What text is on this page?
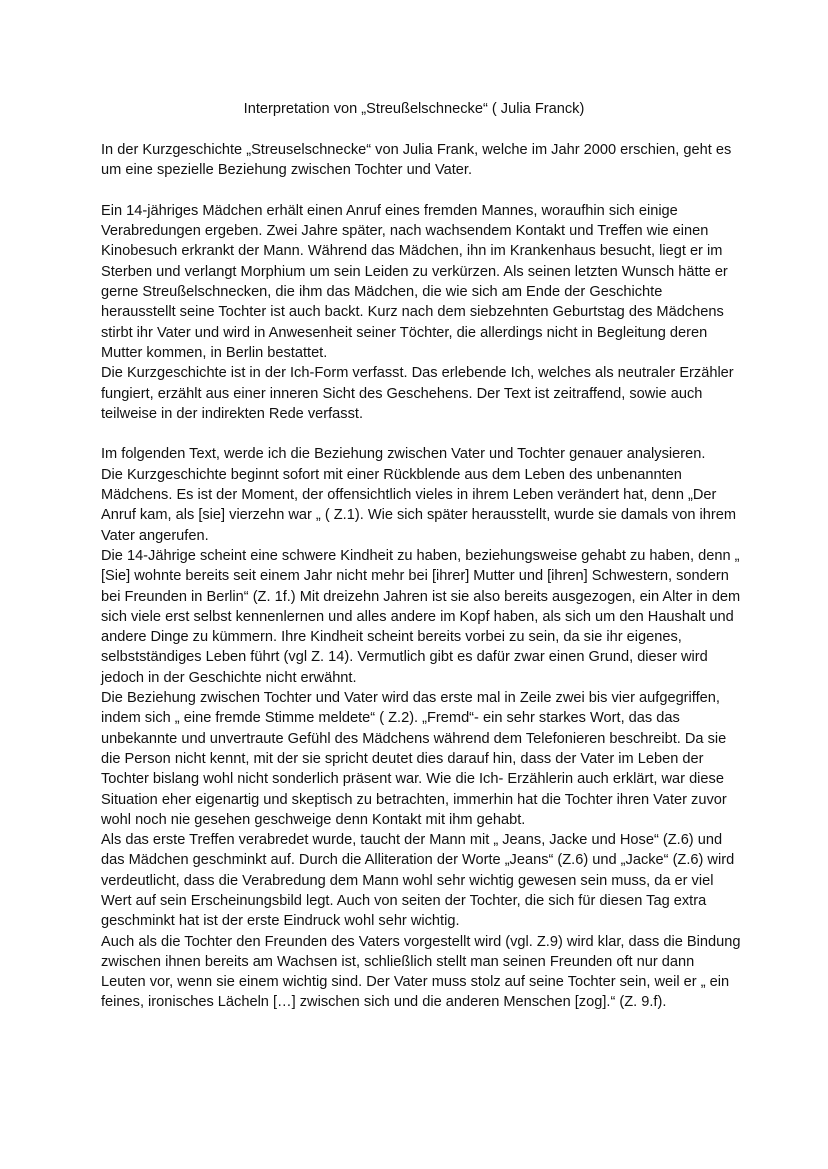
Interpretation von „Streußelschnecke“ ( Julia Franck)

In der Kurzgeschichte „Streuselschnecke“ von Julia Frank, welche im Jahr 2000 erschien, geht es um eine spezielle Beziehung zwischen Tochter und Vater.

Ein 14-jähriges Mädchen erhält einen Anruf eines fremden Mannes, woraufhin sich einige Verabredungen ergeben. Zwei Jahre später, nach wachsendem Kontakt und Treffen wie einen Kinobesuch erkrankt der Mann. Während das Mädchen, ihn im Krankenhaus besucht, liegt er im Sterben und verlangt Morphium um sein Leiden zu verkürzen. Als seinen letzten Wunsch hätte er gerne Streußelschnecken, die ihm das Mädchen, die wie sich am Ende der Geschichte herausstellt seine Tochter ist auch backt. Kurz nach dem siebzehnten Geburtstag des Mädchens stirbt ihr Vater und wird in Anwesenheit seiner Töchter, die allerdings nicht in Begleitung deren Mutter kommen, in Berlin bestattet.

Die Kurzgeschichte ist in der Ich-Form verfasst. Das erlebende Ich, welches als neutraler Erzähler fungiert, erzählt aus einer inneren Sicht des Geschehens. Der Text ist zeitraffend, sowie auch teilweise in der indirekten Rede verfasst.

Im folgenden Text, werde ich die Beziehung zwischen Vater und Tochter genauer analysieren.

Die Kurzgeschichte beginnt sofort mit einer Rückblende aus dem Leben des unbenannten Mädchens. Es ist der Moment, der offensichtlich vieles in ihrem Leben verändert hat, denn „Der Anruf kam, als [sie] vierzehn war „ ( Z.1). Wie sich später herausstellt, wurde sie damals von ihrem Vater angerufen.

Die 14-Jährige scheint eine schwere Kindheit zu haben, beziehungsweise gehabt zu haben, denn „ [Sie] wohnte bereits seit einem Jahr nicht mehr bei [ihrer] Mutter und [ihren] Schwestern, sondern bei Freunden in Berlin“ (Z. 1f.) Mit dreizehn Jahren ist sie also bereits ausgezogen, ein Alter in dem sich viele erst selbst kennenlernen und alles andere im Kopf haben, als sich um den Haushalt und andere Dinge zu kümmern. Ihre Kindheit scheint bereits vorbei zu sein, da sie ihr eigenes, selbstständiges Leben führt (vgl Z. 14). Vermutlich gibt es dafür zwar einen Grund, dieser wird jedoch in der Geschichte nicht erwähnt.

Die Beziehung zwischen Tochter und Vater wird das erste mal in Zeile zwei bis vier aufgegriffen, indem sich „ eine fremde Stimme meldete“ ( Z.2). „Fremd“- ein sehr starkes Wort, das das unbekannte und unvertraute Gefühl des Mädchens während dem Telefonieren beschreibt. Da sie die Person nicht kennt, mit der sie spricht deutet dies darauf hin, dass der Vater im Leben der Tochter bislang wohl nicht sonderlich präsent war. Wie die Ich- Erzählerin auch erklärt, war diese Situation eher eigenartig und skeptisch zu betrachten, immerhin hat die Tochter ihren Vater zuvor wohl noch nie gesehen geschweige denn Kontakt mit ihm gehabt.

Als das erste Treffen verabredet wurde, taucht der Mann mit „ Jeans, Jacke und Hose“ (Z.6) und das Mädchen geschminkt auf. Durch die Alliteration der Worte „Jeans“ (Z.6) und „Jacke“ (Z.6) wird verdeutlicht, dass die Verabredung dem Mann wohl sehr wichtig gewesen sein muss, da er viel Wert auf sein Erscheinungsbild legt. Auch von seiten der Tochter, die sich für diesen Tag extra geschminkt hat ist der erste Eindruck wohl sehr wichtig.

Auch als die Tochter den Freunden des Vaters vorgestellt wird (vgl. Z.9) wird klar, dass die Bindung zwischen ihnen bereits am Wachsen ist, schließlich stellt man seinen Freunden oft nur dann Leuten vor, wenn sie einem wichtig sind. Der Vater muss stolz auf seine Tochter sein, weil er „ ein feines, ironisches Lächeln […] zwischen sich und die anderen Menschen [zog].“ (Z. 9.f).
